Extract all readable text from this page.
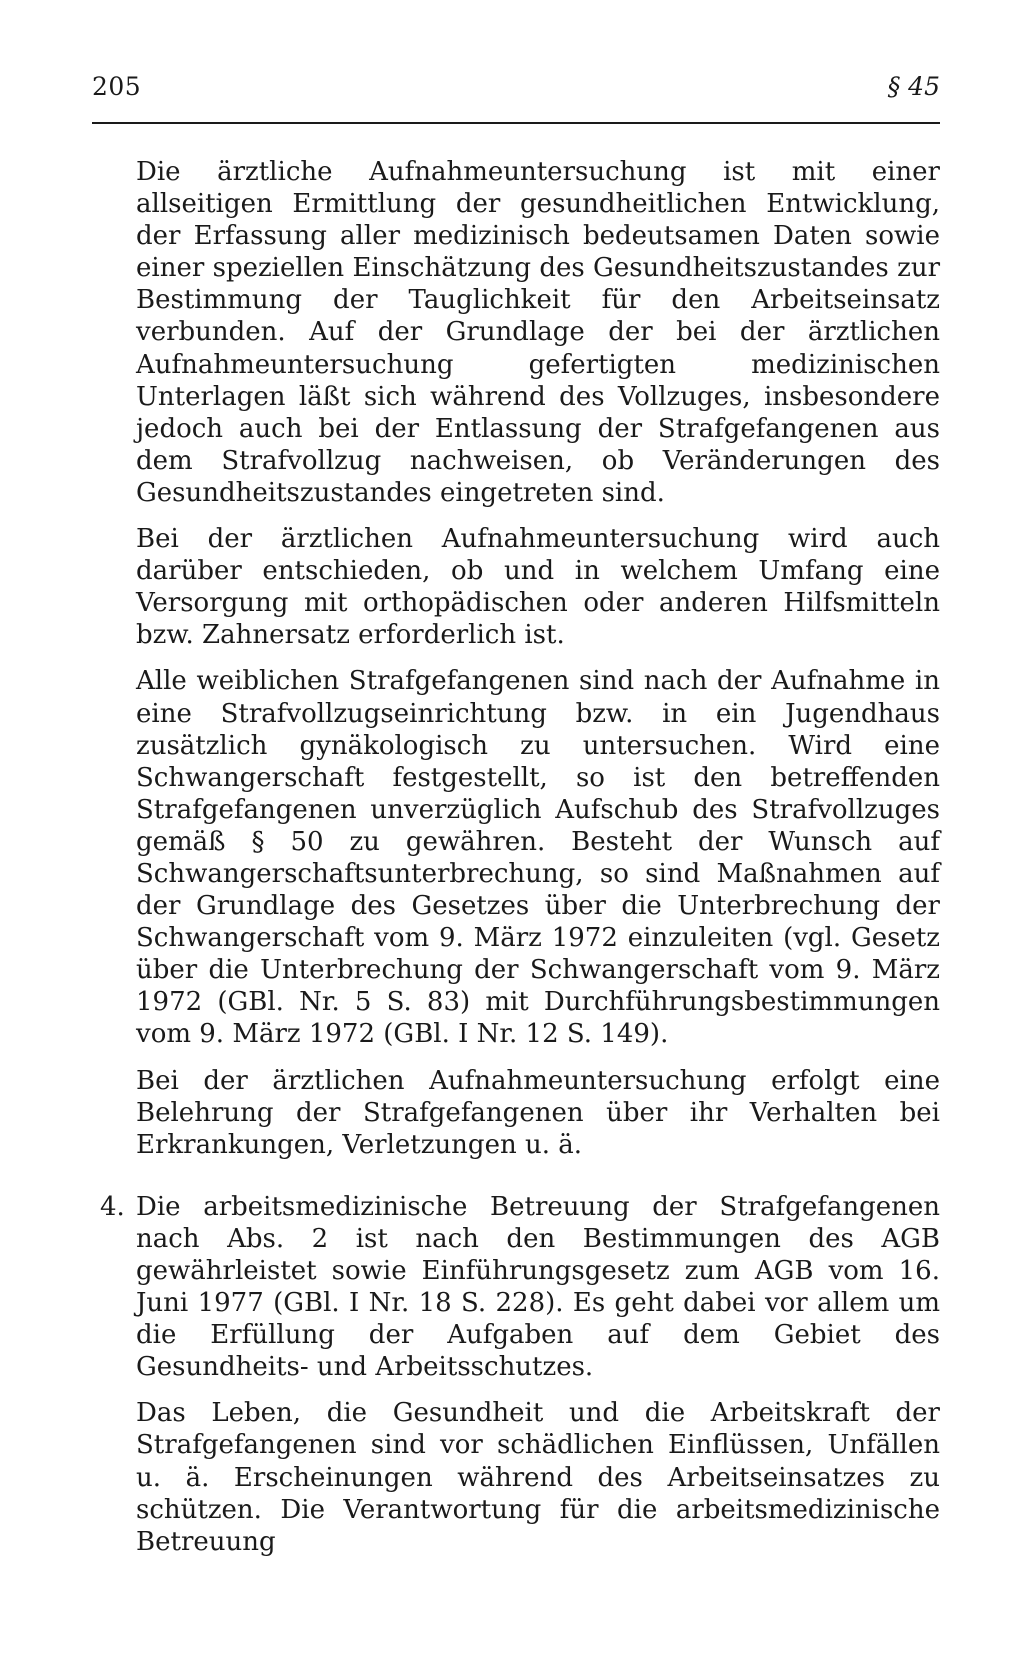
205	§ 45

Die ärztliche Aufnahmeuntersuchung ist mit einer allseitigen Ermittlung der gesundheitlichen Entwicklung, der Erfassung aller medizinisch bedeutsamen Daten sowie einer speziellen Einschätzung des Gesundheitszustandes zur Bestimmung der Tauglichkeit für den Arbeitseinsatz verbunden. Auf der Grundlage der bei der ärztlichen Aufnahmeuntersuchung gefertigten medizinischen Unterlagen läßt sich während des Vollzuges, insbesondere jedoch auch bei der Entlassung der Strafgefangenen aus dem Strafvollzug nachweisen, ob Veränderungen des Gesundheitszustandes eingetreten sind.

Bei der ärztlichen Aufnahmeuntersuchung wird auch darüber entschieden, ob und in welchem Umfang eine Versorgung mit orthopädischen oder anderen Hilfsmitteln bzw. Zahnersatz erforderlich ist.

Alle weiblichen Strafgefangenen sind nach der Aufnahme in eine Strafvollzugseinrichtung bzw. in ein Jugendhaus zusätzlich gynäkologisch zu untersuchen. Wird eine Schwangerschaft festgestellt, so ist den betreffenden Strafgefangenen unverzüglich Aufschub des Strafvollzuges gemäß § 50 zu gewähren. Besteht der Wunsch auf Schwangerschaftsunterbrechung, so sind Maßnahmen auf der Grundlage des Gesetzes über die Unterbrechung der Schwangerschaft vom 9. März 1972 einzuleiten (vgl. Gesetz über die Unterbrechung der Schwangerschaft vom 9. März 1972 (GBl. Nr. 5 S. 83) mit Durchführungsbestimmungen vom 9. März 1972 (GBl. I Nr. 12 S. 149).

Bei der ärztlichen Aufnahmeuntersuchung erfolgt eine Belehrung der Strafgefangenen über ihr Verhalten bei Erkrankungen, Verletzungen u. ä.

4. Die arbeitsmedizinische Betreuung der Strafgefangenen nach Abs. 2 ist nach den Bestimmungen des AGB gewährleistet sowie Einführungsgesetz zum AGB vom 16. Juni 1977 (GBl. I Nr. 18 S. 228). Es geht dabei vor allem um die Erfüllung der Aufgaben auf dem Gebiet des Gesundheits- und Arbeitsschutzes.

Das Leben, die Gesundheit und die Arbeitskraft der Strafgefangenen sind vor schädlichen Einflüssen, Unfällen u. ä. Erscheinungen während des Arbeitseinsatzes zu schützen. Die Verantwortung für die arbeitsmedizinische Betreuung
